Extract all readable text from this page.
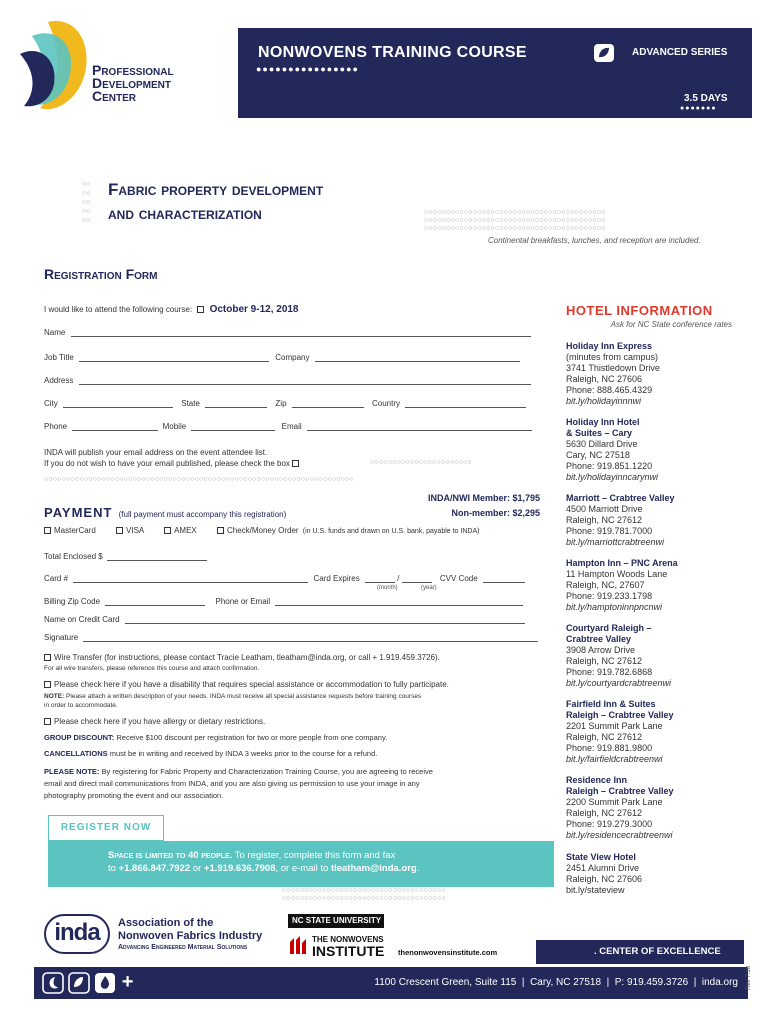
Professional
Development
Center
NONWOVENS TRAINING COURSE
●●●●●●●●●●●●●●●●
ADVANCED SERIES
3.5 DAYS
●●●●●●●
○○
○○
○○
○○
○○
Fabric property development
and characterization	○○○○○○○○○○○○○○○○○○○○○○○○○○○○○○○○○○○○○○○○○
○○○○○○○○○○○○○○○○○○○○○○○○○○○○○○○○○○○○○○○○○
○○○○○○○○○○○○○○○○○○○○○○○○○○○○○○○○○○○○○○○○○
Continental breakfasts, lunches, and reception are included.
Registration Form
I would like to attend the following course: October 9-12, 2018
Name
Job Title	Company
Address
City	State	Zip	Country
Phone	Mobile	Email
INDA will publish your email address on the event attendee list.
If you do not wish to have your email published, please check the box	○○○○○○○○○○○○○○○○○○○○○○○
○○○○○○○○○○○○○○○○○○○○○○○○○○○○○○○○○○○○○○○○○○○○○○○○○○○○○○○○○○○○○○○○○○○○○○
INDA/NWI Member: $1,795
Non-member: $2,295
PAYMENT (full payment must accompany this registration)
MasterCard	VISA	AMEX	Check/Money Order (in U.S. funds and drawn on U.S. bank, payable to INDA)
Total Enclosed $
Card #	Card Expires	/	CVV Code
(month)	(year)
Billing Zip Code	Phone or Email
Name on Credit Card
Signature
Wire Transfer (for instructions, please contact Tracie Leatham, tleatham@inda.org, or call + 1.919.459.3726).
For all wire transfers, please reference this course and attach confirmation.
Please check here if you have a disability that requires special assistance or accommodation to fully participate.
NOTE: Please attach a written description of your needs. INDA must receive all special assistance requests before training courses
in order to accommodate.
Please check here if you have allergy or dietary restrictions.
GROUP DISCOUNT: Receive $100 discount per registration for two or more people from one company.
CANCELLATIONS must be in writing and received by INDA 3 weeks prior to the course for a refund.
PLEASE NOTE: By registering for Fabric Property and Characterization Training Course, you are agreeing to receive
email and direct mail communications from INDA, and you are also giving us permission to use your image in any
photography promoting the event and our association.
REGISTER NOW
Space is limited to 40 people. To register, complete this form and fax
to +1.866.847.7922 or +1.919.636.7908, or e-mail to tleatham@inda.org.
○○○○○○○○○○○○○○○○○○○○○○○○○○○○○○○○○○○○○
○○○○○○○○○○○○○○○○○○○○○○○○○○○○○○○○○○○○○
HOTEL INFORMATION
Ask for NC State conference rates
Holiday Inn Express
(minutes from campus)
3741 Thistledown Drive
Raleigh, NC 27606
Phone: 888.465.4329
bit.ly/holidayinnnwi
Holiday Inn Hotel
& Suites – Cary
5630 Dillard Drive
Cary, NC 27518
Phone: 919.851.1220
bit.ly/holidayinncarynwi
Marriott – Crabtree Valley
4500 Marriott Drive
Raleigh, NC 27612
Phone: 919.781.7000
bit.ly/marriottcrabtreenwi
Hampton Inn – PNC Arena
11 Hampton Woods Lane
Raleigh, NC, 27607
Phone: 919.233.1798
bit.ly/hamptoninnpncnwi
Courtyard Raleigh –
Crabtree Valley
3908 Arrow Drive
Raleigh, NC 27612
Phone: 919.782.6868
bit.ly/courtyardcrabtreenwi
Fairfield Inn & Suites
Raleigh – Crabtree Valley
2201 Summit Park Lane
Raleigh, NC 27612
Phone: 919.881.9800
bit.ly/fairfieldcrabtreenwi
Residence Inn
Raleigh – Crabtree Valley
2200 Summit Park Lane
Raleigh, NC 27612
Phone: 919.279.3000
bit.ly/residencecrabtreenwi
State View Hotel
2451 Alumni Drive
Raleigh, NC 27606
bit.ly/stateview
inda	Association of the
Nonwoven Fabrics Industry
Advancing Engineered Material Solutions
NC STATE UNIVERSITY
THE NONWOVENS
INSTITUTE thenonwovensinstitute.com	. CENTER OF EXCELLENCE
+	1100 Crescent Green, Suite 115  |  Cary, NC 27518  |  P: 919.459.3726  |  inda.org Rev 7.18
